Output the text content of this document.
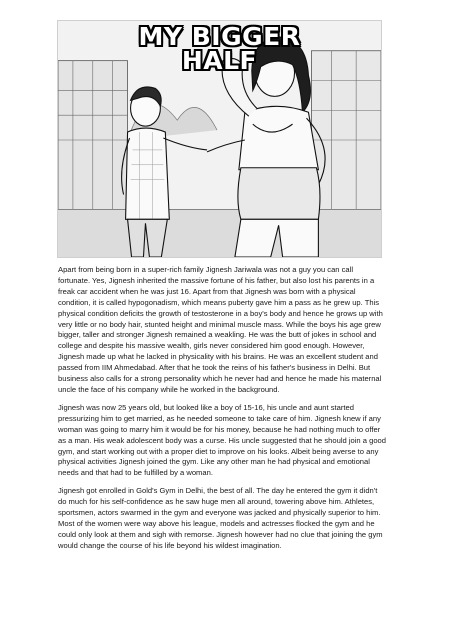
MY BIGGER
HALF

Apart from being born in a super-rich family Jignesh Jariwala was not a guy you can call fortunate. Yes, Jignesh inherited the massive fortune of his father, but also lost his parents in a freak car accident when he was just 16. Apart from that Jignesh was born with a physical condition, it is called hypogonadism, which means puberty gave him a pass as he grew up. This physical condition deficits the growth of testosterone in a boy's body and hence he grows up with very little or no body hair, stunted height and minimal muscle mass. While the boys his age grew bigger, taller and stronger Jignesh remained a weakling. He was the butt of jokes in school and college and despite his massive wealth, girls never considered him good enough. However, Jignesh made up what he lacked in physicality with his brains. He was an excellent student and passed from IIM Ahmedabad. After that he took the reins of his father's business in Delhi. But business also calls for a strong personality which he never had and hence he made his maternal uncle the face of his company while he worked in the background.

Jignesh was now 25 years old, but looked like a boy of 15-16, his uncle and aunt started pressurizing him to get married, as he needed someone to take care of him. Jignesh knew if any woman was going to marry him it would be for his money, because he had nothing much to offer as a man. His weak adolescent body was a curse. His uncle suggested that he should join a good gym, and start working out with a proper diet to improve on his looks. Albeit being averse to any physical activities Jignesh joined the gym. Like any other man he had physical and emotional needs and that had to be fulfilled by a woman.

Jignesh got enrolled in Gold's Gym in Delhi, the best of all. The day he entered the gym it didn't do much for his self-confidence as he saw huge men all around, towering above him. Athletes, sportsmen, actors swarmed in the gym and everyone was jacked and physically superior to him. Most of the women were way above his league, models and actresses flocked the gym and he could only look at them and sigh with remorse. Jignesh however had no clue that joining the gym would change the course of his life beyond his wildest imagination.
